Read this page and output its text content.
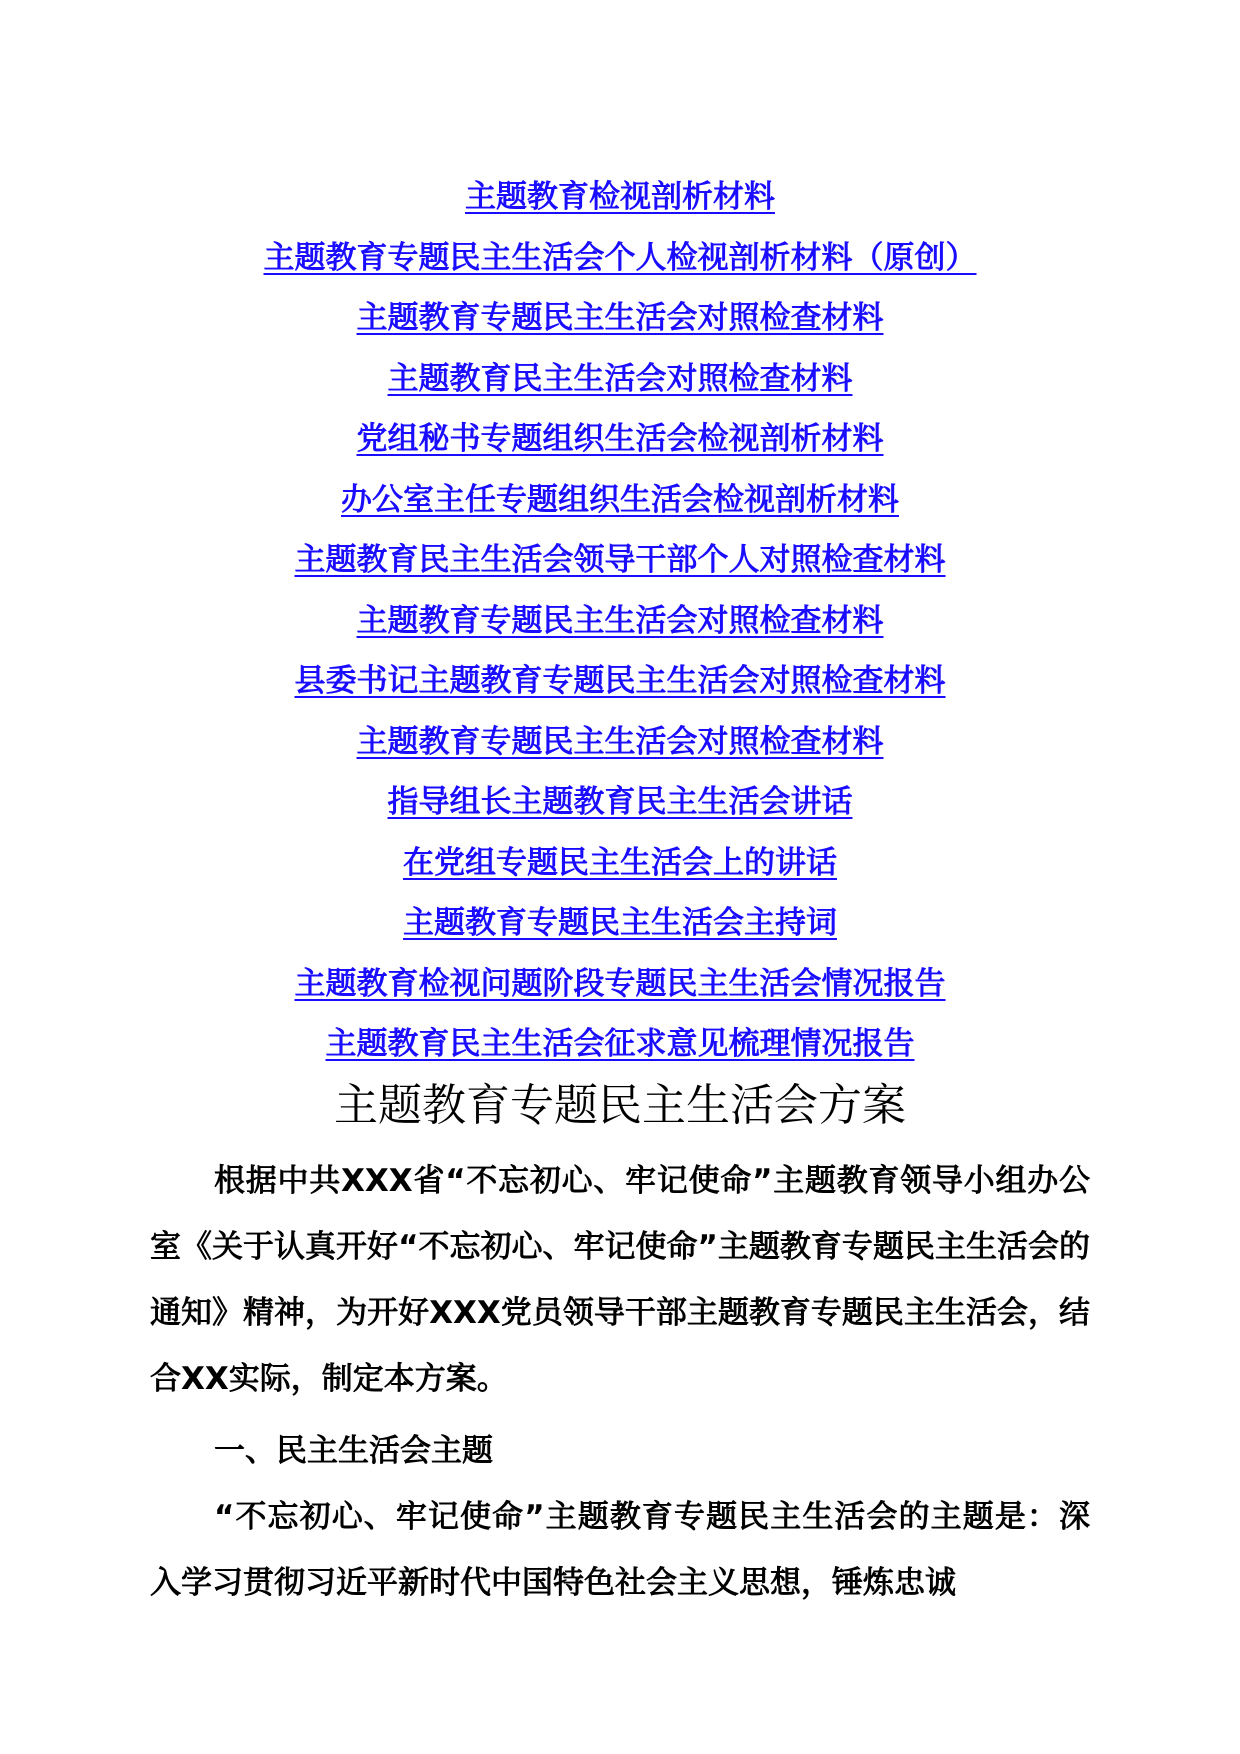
主题教育检视剖析材料
主题教育专题民主生活会个人检视剖析材料（原创）
主题教育专题民主生活会对照检查材料
主题教育民主生活会对照检查材料
党组秘书专题组织生活会检视剖析材料
办公室主任专题组织生活会检视剖析材料
主题教育民主生活会领导干部个人对照检查材料
主题教育专题民主生活会对照检查材料
县委书记主题教育专题民主生活会对照检查材料
主题教育专题民主生活会对照检查材料
指导组长主题教育民主生活会讲话
在党组专题民主生活会上的讲话
主题教育专题民主生活会主持词
主题教育检视问题阶段专题民主生活会情况报告
主题教育民主生活会征求意见梳理情况报告
主题教育专题民主生活会方案

根据中共XXX省“不忘初心、牢记使命”主题教育领导小组办公室《关于认真开好“不忘初心、牢记使命”主题教育专题民主生活会的通知》精神，为开好XXX党员领导干部主题教育专题民主生活会，结合XX实际，制定本方案。

一、民主生活会主题

“不忘初心、牢记使命”主题教育专题民主生活会的主题是：深入学习贯彻习近平新时代中国特色社会主义思想，锤炼忠诚
